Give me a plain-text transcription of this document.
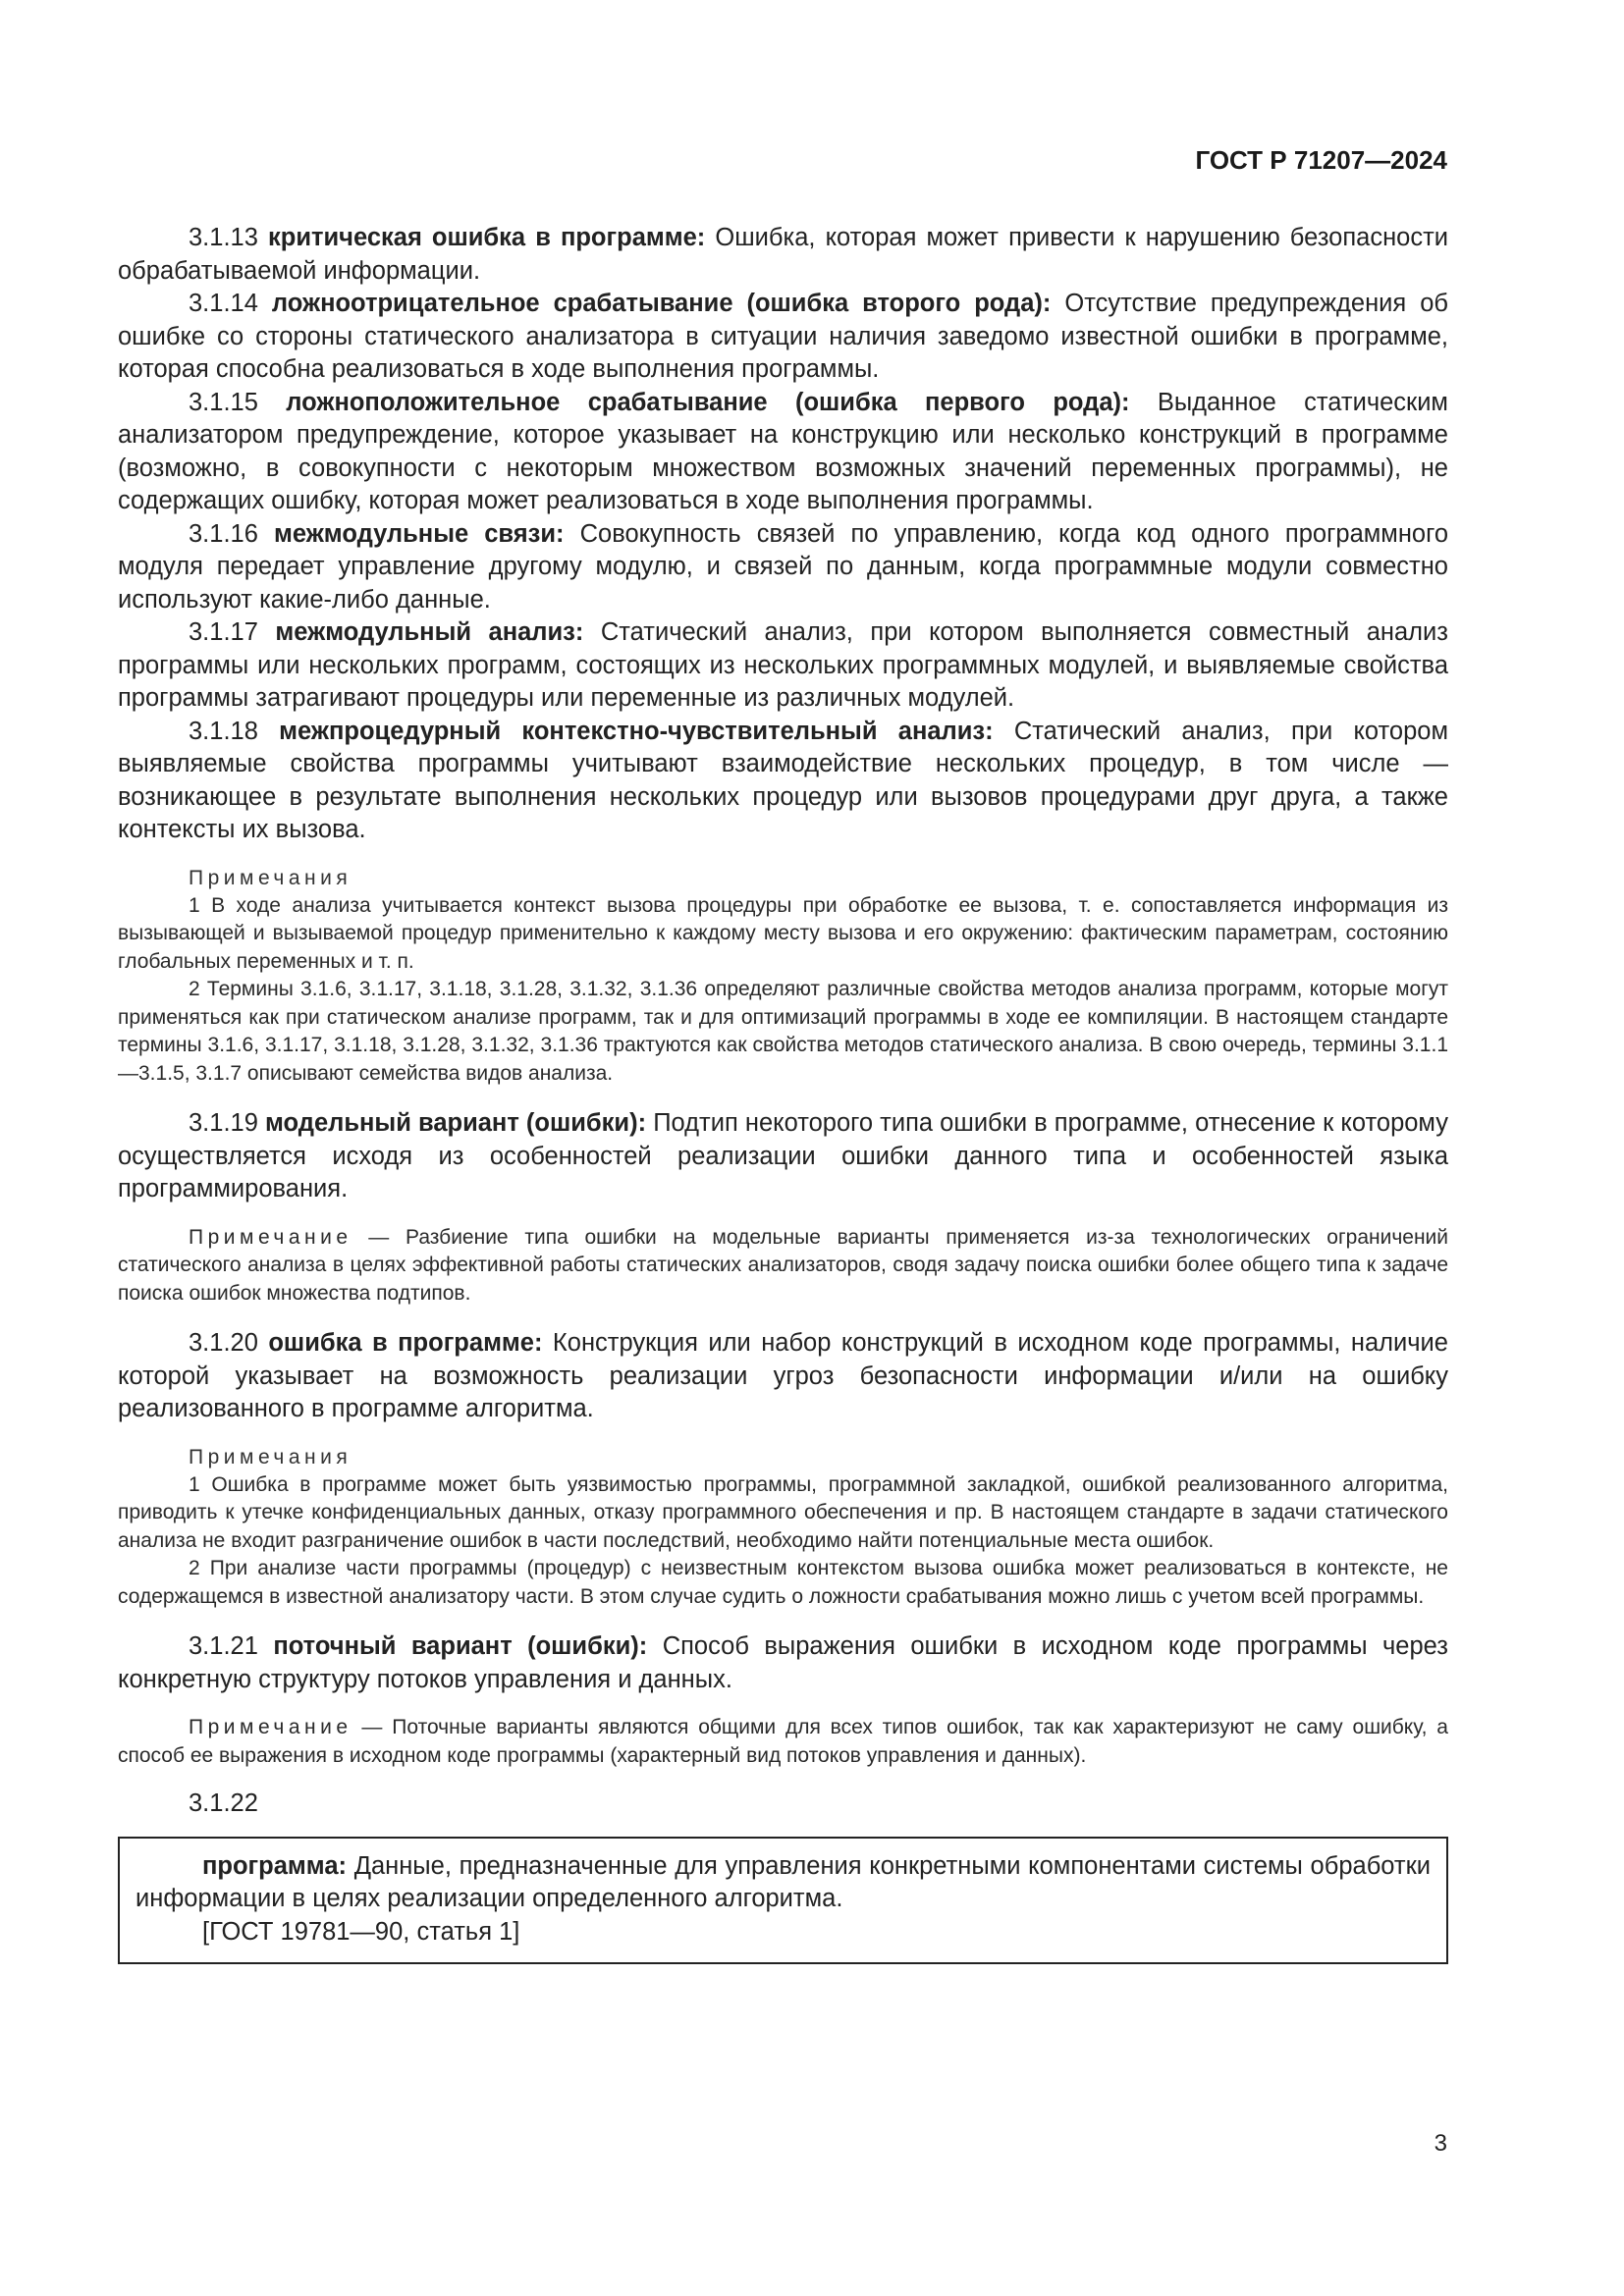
ГОСТ Р 71207—2024

3.1.13 критическая ошибка в программе: Ошибка, которая может привести к нарушению безопасности обрабатываемой информации.

3.1.14 ложноотрицательное срабатывание (ошибка второго рода): Отсутствие предупреждения об ошибке со стороны статического анализатора в ситуации наличия заведомо известной ошибки в программе, которая способна реализоваться в ходе выполнения программы.

3.1.15 ложноположительное срабатывание (ошибка первого рода): Выданное статическим анализатором предупреждение, которое указывает на конструкцию или несколько конструкций в программе (возможно, в совокупности с некоторым множеством возможных значений переменных программы), не содержащих ошибку, которая может реализоваться в ходе выполнения программы.

3.1.16 межмодульные связи: Совокупность связей по управлению, когда код одного программного модуля передает управление другому модулю, и связей по данным, когда программные модули совместно используют какие-либо данные.

3.1.17 межмодульный анализ: Статический анализ, при котором выполняется совместный анализ программы или нескольких программ, состоящих из нескольких программных модулей, и выявляемые свойства программы затрагивают процедуры или переменные из различных модулей.

3.1.18 межпроцедурный контекстно-чувствительный анализ: Статический анализ, при котором выявляемые свойства программы учитывают взаимодействие нескольких процедур, в том числе — возникающее в результате выполнения нескольких процедур или вызовов процедурами друг друга, а также контексты их вызова.

Примечания

1 В ходе анализа учитывается контекст вызова процедуры при обработке ее вызова, т. е. сопоставляется информация из вызывающей и вызываемой процедур применительно к каждому месту вызова и его окружению: фактическим параметрам, состоянию глобальных переменных и т. п.

2 Термины 3.1.6, 3.1.17, 3.1.18, 3.1.28, 3.1.32, 3.1.36 определяют различные свойства методов анализа программ, которые могут применяться как при статическом анализе программ, так и для оптимизаций программы в ходе ее компиляции. В настоящем стандарте термины 3.1.6, 3.1.17, 3.1.18, 3.1.28, 3.1.32, 3.1.36 трактуются как свойства методов статического анализа. В свою очередь, термины 3.1.1—3.1.5, 3.1.7 описывают семейства видов анализа.

3.1.19 модельный вариант (ошибки): Подтип некоторого типа ошибки в программе, отнесение к которому осуществляется исходя из особенностей реализации ошибки данного типа и особенностей языка программирования.

Примечание — Разбиение типа ошибки на модельные варианты применяется из-за технологических ограничений статического анализа в целях эффективной работы статических анализаторов, сводя задачу поиска ошибки более общего типа к задаче поиска ошибок множества подтипов.

3.1.20 ошибка в программе: Конструкция или набор конструкций в исходном коде программы, наличие которой указывает на возможность реализации угроз безопасности информации и/или на ошибку реализованного в программе алгоритма.

Примечания

1 Ошибка в программе может быть уязвимостью программы, программной закладкой, ошибкой реализованного алгоритма, приводить к утечке конфиденциальных данных, отказу программного обеспечения и пр. В настоящем стандарте в задачи статического анализа не входит разграничение ошибок в части последствий, необходимо найти потенциальные места ошибок.

2 При анализе части программы (процедур) с неизвестным контекстом вызова ошибка может реализоваться в контексте, не содержащемся в известной анализатору части. В этом случае судить о ложности срабатывания можно лишь с учетом всей программы.

3.1.21 поточный вариант (ошибки): Способ выражения ошибки в исходном коде программы через конкретную структуру потоков управления и данных.

Примечание — Поточные варианты являются общими для всех типов ошибок, так как характеризуют не саму ошибку, а способ ее выражения в исходном коде программы (характерный вид потоков управления и данных).

3.1.22

программа: Данные, предназначенные для управления конкретными компонентами системы обработки информации в целях реализации определенного алгоритма.

[ГОСТ 19781—90, статья 1]

3
